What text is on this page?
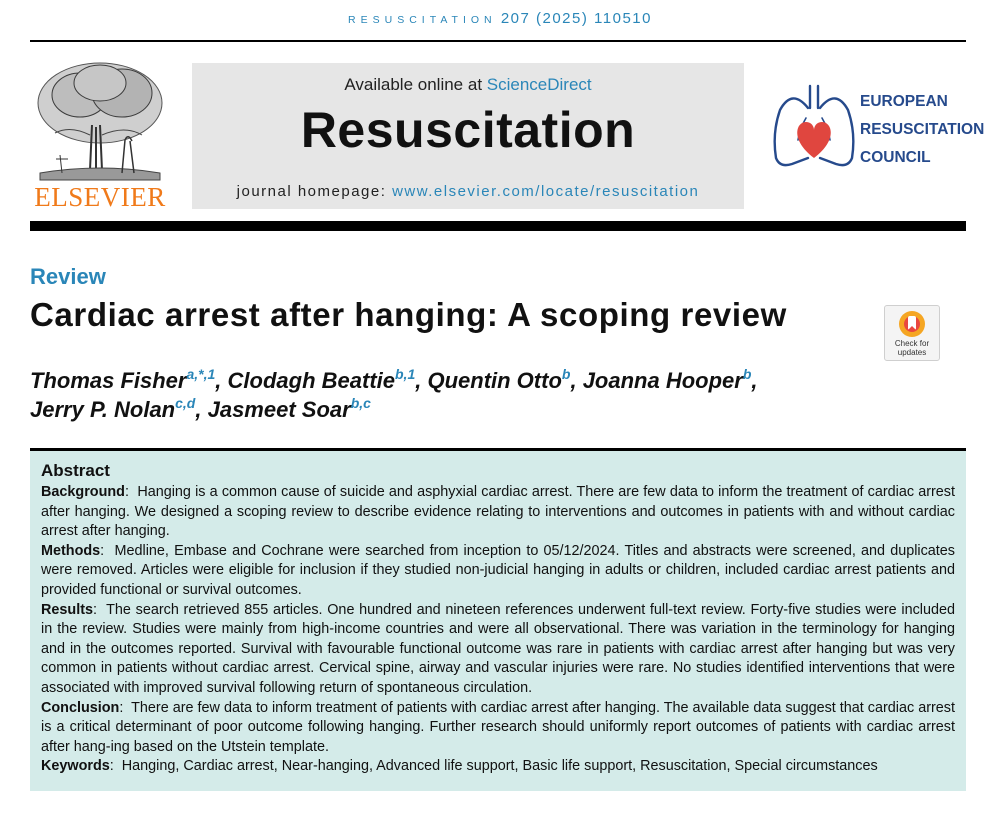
RESUSCITATION 207 (2025) 110510
ELSEVIER
Available online at ScienceDirect
Resuscitation
journal homepage: www.elsevier.com/locate/resuscitation
EUROPEAN
RESUSCITATION
COUNCIL
Review
Cardiac arrest after hanging: A scoping review
Check for
updates
Thomas Fisher$^{a,*,1}$, Clodagh Beattie$^{b,1}$, Quentin Otto$^b$, Joanna Hooper$^b$,
Jerry P. Nolan$^{c,d}$, Jasmeet Soar$^{b,c}$
Abstract

Background:  Hanging is a common cause of suicide and asphyxial cardiac arrest. There are few data to inform the treatment of cardiac arrest after hanging. We designed a scoping review to describe evidence relating to interventions and outcomes in patients with and without cardiac arrest after hanging.

Methods:  Medline, Embase and Cochrane were searched from inception to 05/12/2024. Titles and abstracts were screened, and duplicates were removed. Articles were eligible for inclusion if they studied non-judicial hanging in adults or children, included cardiac arrest patients and provided functional or survival outcomes.

Results:  The search retrieved 855 articles. One hundred and nineteen references underwent full-text review. Forty-five studies were included in the review. Studies were mainly from high-income countries and were all observational. There was variation in the terminology for hanging and in the outcomes reported. Survival with favourable functional outcome was rare in patients with cardiac arrest after hanging but was very common in patients without cardiac arrest. Cervical spine, airway and vascular injuries were rare. No studies identified interventions that were associated with improved survival following return of spontaneous circulation.

Conclusion:  There are few data to inform treatment of patients with cardiac arrest after hanging. The available data suggest that cardiac arrest is a critical determinant of poor outcome following hanging. Further research should uniformly report outcomes of patients with cardiac arrest after hang-ing based on the Utstein template.

Keywords:  Hanging, Cardiac arrest, Near-hanging, Advanced life support, Basic life support, Resuscitation, Special circumstances
